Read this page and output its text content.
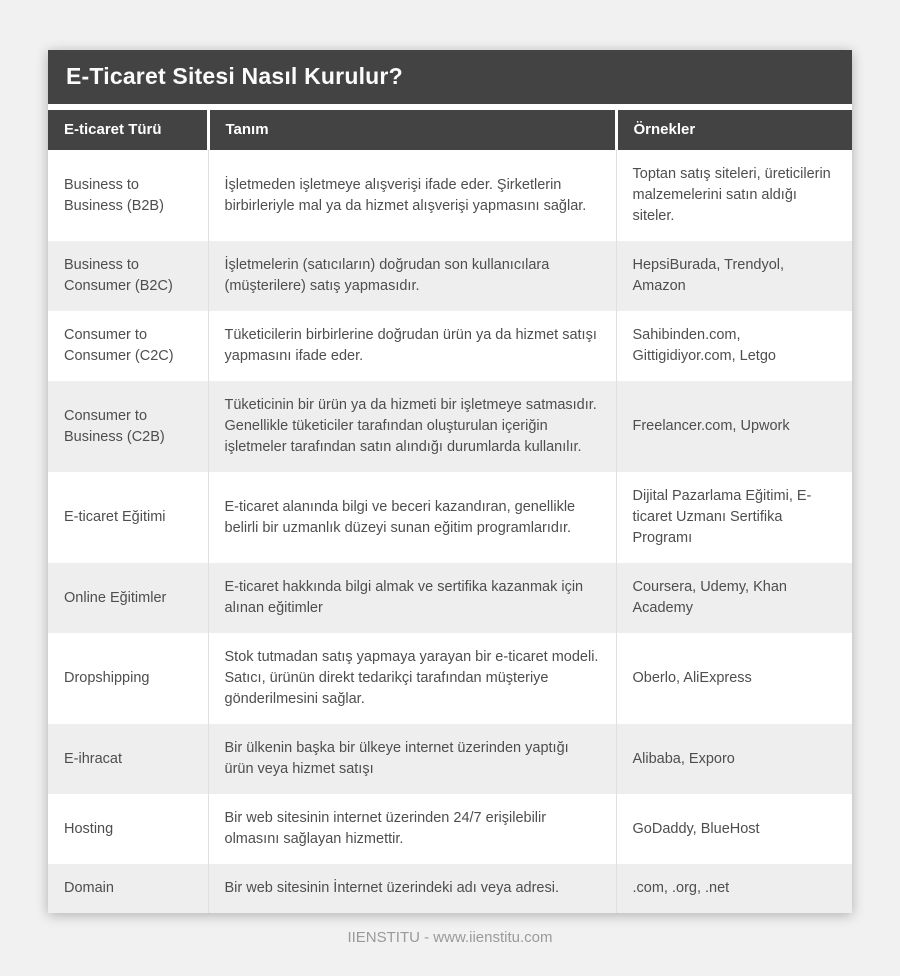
E-Ticaret Sitesi Nasıl Kurulur?
E-ticaret Türü	Tanım	Örnekler
Business to Business (B2B)	İşletmeden işletmeye alışverişi ifade eder. Şirketlerin birbirleriyle mal ya da hizmet alışverişi yapmasını sağlar.	Toptan satış siteleri, üreticilerin malzemelerini satın aldığı siteler.
Business to Consumer (B2C)	İşletmelerin (satıcıların) doğrudan son kullanıcılara (müşterilere) satış yapmasıdır.	HepsiBurada, Trendyol, Amazon
Consumer to Consumer (C2C)	Tüketicilerin birbirlerine doğrudan ürün ya da hizmet satışı yapmasını ifade eder.	Sahibinden.com, Gittigidiyor.com, Letgo
Consumer to Business (C2B)	Tüketicinin bir ürün ya da hizmeti bir işletmeye satmasıdır. Genellikle tüketiciler tarafından oluşturulan içeriğin işletmeler tarafından satın alındığı durumlarda kullanılır.	Freelancer.com, Upwork
E-ticaret Eğitimi	E-ticaret alanında bilgi ve beceri kazandıran, genellikle belirli bir uzmanlık düzeyi sunan eğitim programlarıdır.	Dijital Pazarlama Eğitimi, E-ticaret Uzmanı Sertifika Programı
Online Eğitimler	E-ticaret hakkında bilgi almak ve sertifika kazanmak için alınan eğitimler	Coursera, Udemy, Khan Academy
Dropshipping	Stok tutmadan satış yapmaya yarayan bir e-ticaret modeli. Satıcı, ürünün direkt tedarikçi tarafından müşteriye gönderilmesini sağlar.	Oberlo, AliExpress
E-ihracat	Bir ülkenin başka bir ülkeye internet üzerinden yaptığı ürün veya hizmet satışı	Alibaba, Exporo
Hosting	Bir web sitesinin internet üzerinden 24/7 erişilebilir olmasını sağlayan hizmettir.	GoDaddy, BlueHost
Domain	Bir web sitesinin İnternet üzerindeki adı veya adresi.	.com, .org, .net
IIENSTITU - www.iienstitu.com
